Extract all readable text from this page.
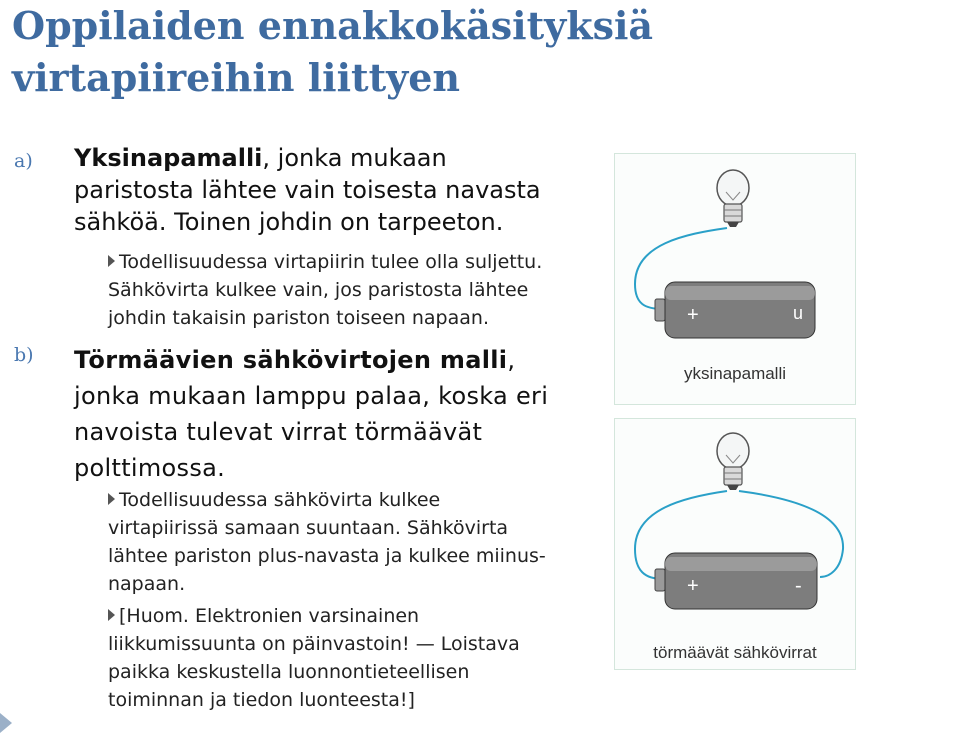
Oppilaiden ennakkokäsityksiä
virtapiireihin liittyen
a) Yksinapamalli, jonka mukaan
paristosta lähtee vain toisesta navasta
sähköä. Toinen johdin on tarpeeton.
Todellisuudessa virtapiirin tulee olla suljettu.
Sähkövirta kulkee vain, jos paristosta lähtee
johdin takaisin pariston toiseen napaan.
b) Törmäävien sähkövirtojen malli,
jonka mukaan lamppu palaa, koska eri
navoista tulevat virrat törmäävät
polttimossa.
Todellisuudessa sähkövirta kulkee
virtapiirissä samaan suuntaan. Sähkövirta
lähtee pariston plus-navasta ja kulkee miinus-
napaan.
[Huom. Elektronien varsinainen
liikkumissuunta on päinvastoin! — Loistava
paikka keskustella luonnontieteellisen
toiminnan ja tiedon luonteesta!]
+	u
yksinapamalli
+	-
törmäävät sähkövirrat
